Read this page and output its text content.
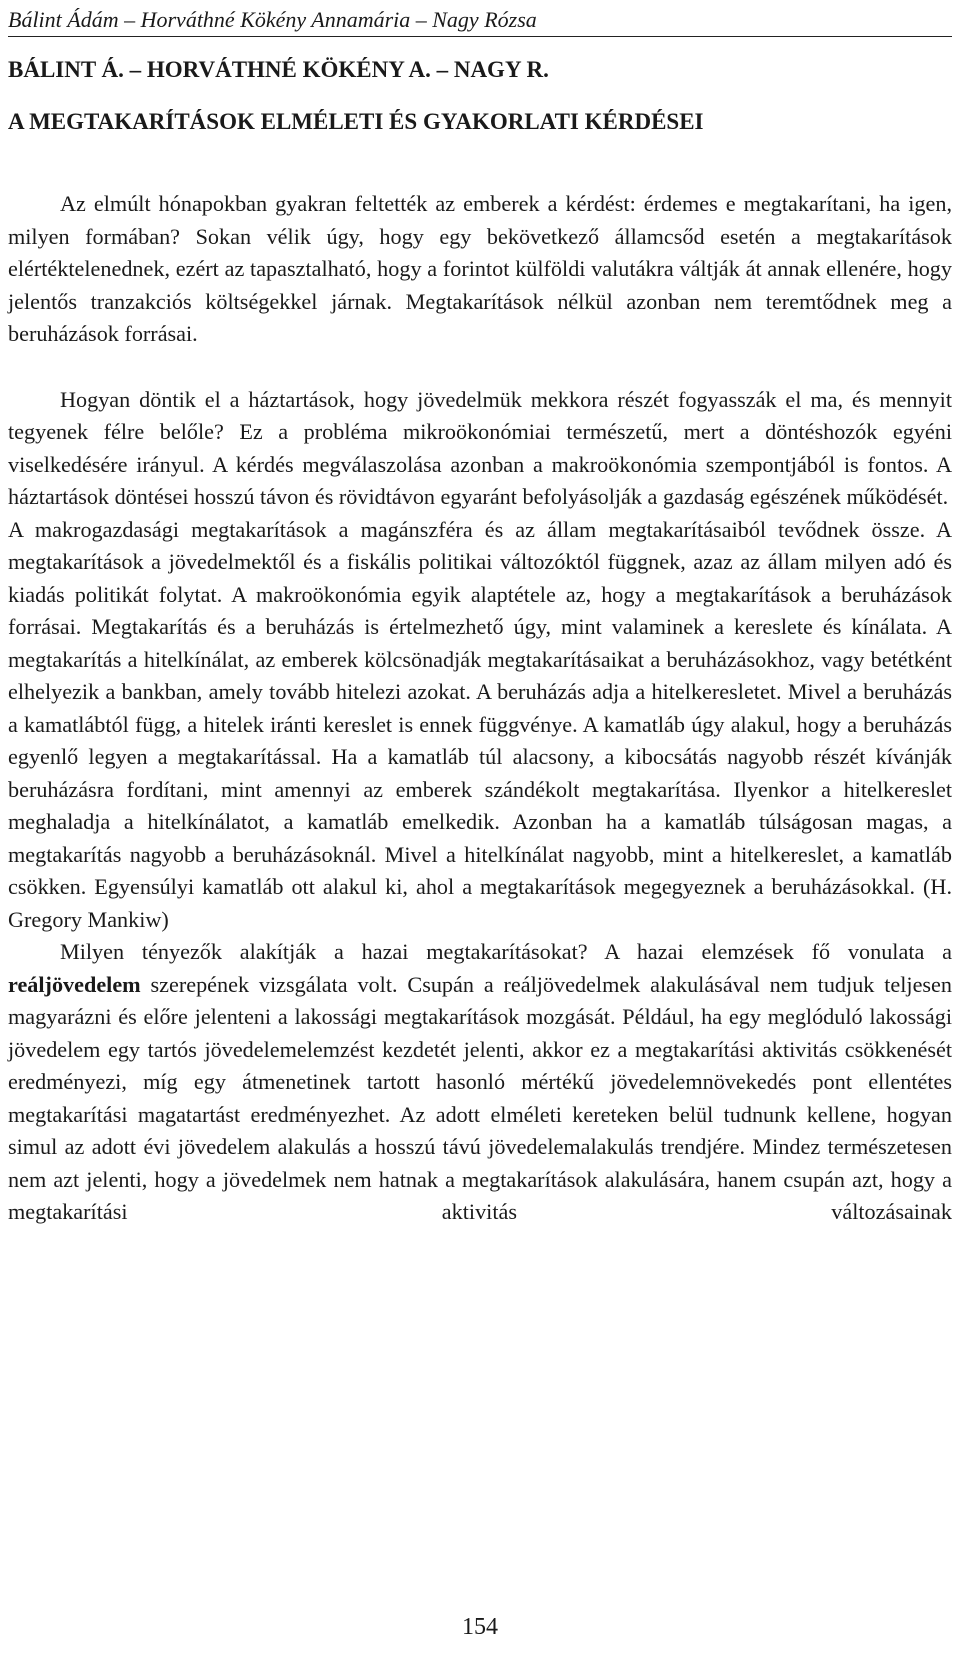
Bálint Ádám – Horváthné Kökény Annamária – Nagy Rózsa
BÁLINT Á. – HORVÁTHNÉ KÖKÉNY A. – NAGY R.
A MEGTAKARÍTÁSOK ELMÉLETI ÉS GYAKORLATI KÉRDÉSEI

Az elmúlt hónapokban gyakran feltették az emberek a kérdést: érdemes e megtakarítani, ha igen, milyen formában? Sokan vélik úgy, hogy egy bekövetkező államcsőd esetén a megtakarítások elértéktelenednek, ezért az tapasztalható, hogy a forintot külföldi valutákra váltják át annak ellenére, hogy jelentős tranzakciós költségekkel járnak. Megtakarítások nélkül azonban nem teremtődnek meg a beruházások forrásai.

Hogyan döntik el a háztartások, hogy jövedelmük mekkora részét fogyasszák el ma, és mennyit tegyenek félre belőle? Ez a probléma mikroökonómiai természetű, mert a döntéshozók egyéni viselkedésére irányul. A kérdés megválaszolása azonban a makroökonómia szempontjából is fontos. A háztartások döntései hosszú távon és rövidtávon egyaránt befolyásolják a gazdaság egészének működését.

A makrogazdasági megtakarítások a magánszféra és az állam megtakarításaiból tevődnek össze. A megtakarítások a jövedelmektől és a fiskális politikai változóktól függnek, azaz az állam milyen adó és kiadás politikát folytat. A makroökonómia egyik alaptétele az, hogy a megtakarítások a beruházások forrásai. Megtakarítás és a beruházás is értelmezhető úgy, mint valaminek a kereslete és kínálata. A megtakarítás a hitelkínálat, az emberek kölcsönadják megtakarításaikat a beruházásokhoz, vagy betétként elhelyezik a bankban, amely tovább hitelezi azokat. A beruházás adja a hitelkeresletet. Mivel a beruházás a kamatlábtól függ, a hitelek iránti kereslet is ennek függvénye. A kamatláb úgy alakul, hogy a beruházás egyenlő legyen a megtakarítással. Ha a kamatláb túl alacsony, a kibocsátás nagyobb részét kívánják beruházásra fordítani, mint amennyi az emberek szándékolt megtakarítása. Ilyenkor a hitelkereslet meghaladja a hitelkínálatot, a kamatláb emelkedik. Azonban ha a kamatláb túlságosan magas, a megtakarítás nagyobb a beruházásoknál. Mivel a hitelkínálat nagyobb, mint a hitelkereslet, a kamatláb csökken. Egyensúlyi kamatláb ott alakul ki, ahol a megtakarítások megegyeznek a beruházásokkal. (H. Gregory Mankiw)

Milyen tényezők alakítják a hazai megtakarításokat? A hazai elemzések fő vonulata a reáljövedelem szerepének vizsgálata volt. Csupán a reáljövedelmek alakulásával nem tudjuk teljesen magyarázni és előre jelenteni a lakossági megtakarítások mozgását. Például, ha egy meglóduló lakossági jövedelem egy tartós jövedelemelemzést kezdetét jelenti, akkor ez a megtakarítási aktivitás csökkenését eredményezi, míg egy átmenetinek tartott hasonló mértékű jövedelemnövekedés pont ellentétes megtakarítási magatartást eredményezhet. Az adott elméleti kereteken belül tudnunk kellene, hogyan simul az adott évi jövedelem alakulás a hosszú távú jövedelemalakulás trendjére. Mindez természetesen nem azt jelenti, hogy a jövedelmek nem hatnak a megtakarítások alakulására, hanem csupán azt, hogy a megtakarítási aktivitás változásainak

154
